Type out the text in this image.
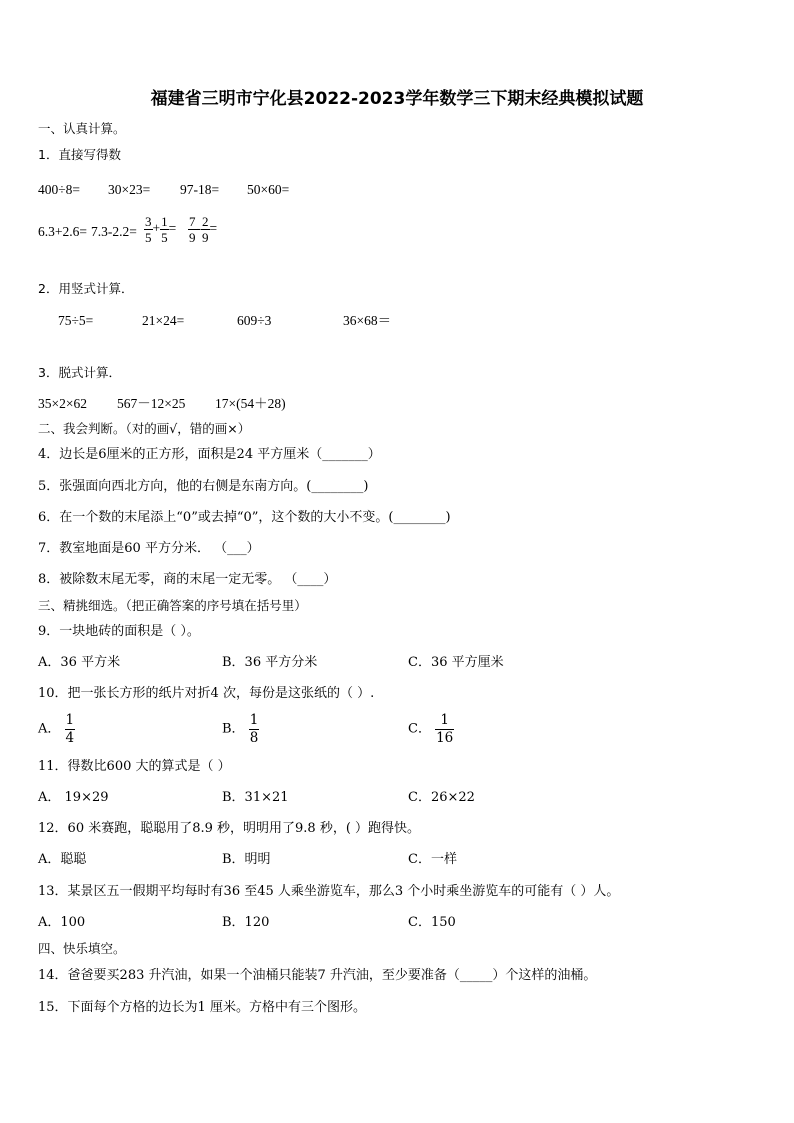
福建省三明市宁化县2022-2023学年数学三下期末经典模拟试题
一、认真计算。
1．直接写得数
400÷8= 30×23= 97-18= 50×60=
$6.3+2.6= 7.3-2.2= \frac{3}{5} + \frac{1}{5} = \frac{7}{9} - \frac{2}{9}$ =
2．用竖式计算．
75÷5=	21×24=	609÷3	36×68＝
3．脱式计算．
35×2×62 567－12×25 17×(54＋28)
二、我会判断。（对的画√，错的画×）
4．边长是6厘米的正方形，面积是24 平方厘米（_______）
5．张强面向西北方向，他的右侧是东南方向。(________)
6．在一个数的末尾添上“0”或去掉“0”，这个数的大小不变。(________)
7．教室地面是60 平方分米． （___）
8．被除数末尾无零，商的末尾一定无零。 （____）
三、精挑细选。（把正确答案的序号填在括号里）
9．一块地砖的面积是（ ）。
A．36 平方米	B．36 平方分米	C．36 平方厘米
10．把一张长方形的纸片对折4 次，每份是这张纸的（ ）.
A． $\frac{1}{4}$	B． $\frac{1}{8}$	C． $\frac{1}{16}$
11．得数比600 大的算式是（ ）
A． 19×29	B．31×21	C．26×22
12．60 米赛跑，聪聪用了8.9 秒，明明用了9.8 秒，( ）跑得快。
A．聪聪	B．明明	C．一样
13．某景区五一假期平均每时有36 至45 人乘坐游览车，那么3 个小时乘坐游览车的可能有（ ）人。
A．100	B．120	C．150
四、快乐填空。
14．爸爸要买283 升汽油，如果一个油桶只能装7 升汽油，至少要准备（_____）个这样的油桶。
15．下面每个方格的边长为1 厘米。方格中有三个图形。
